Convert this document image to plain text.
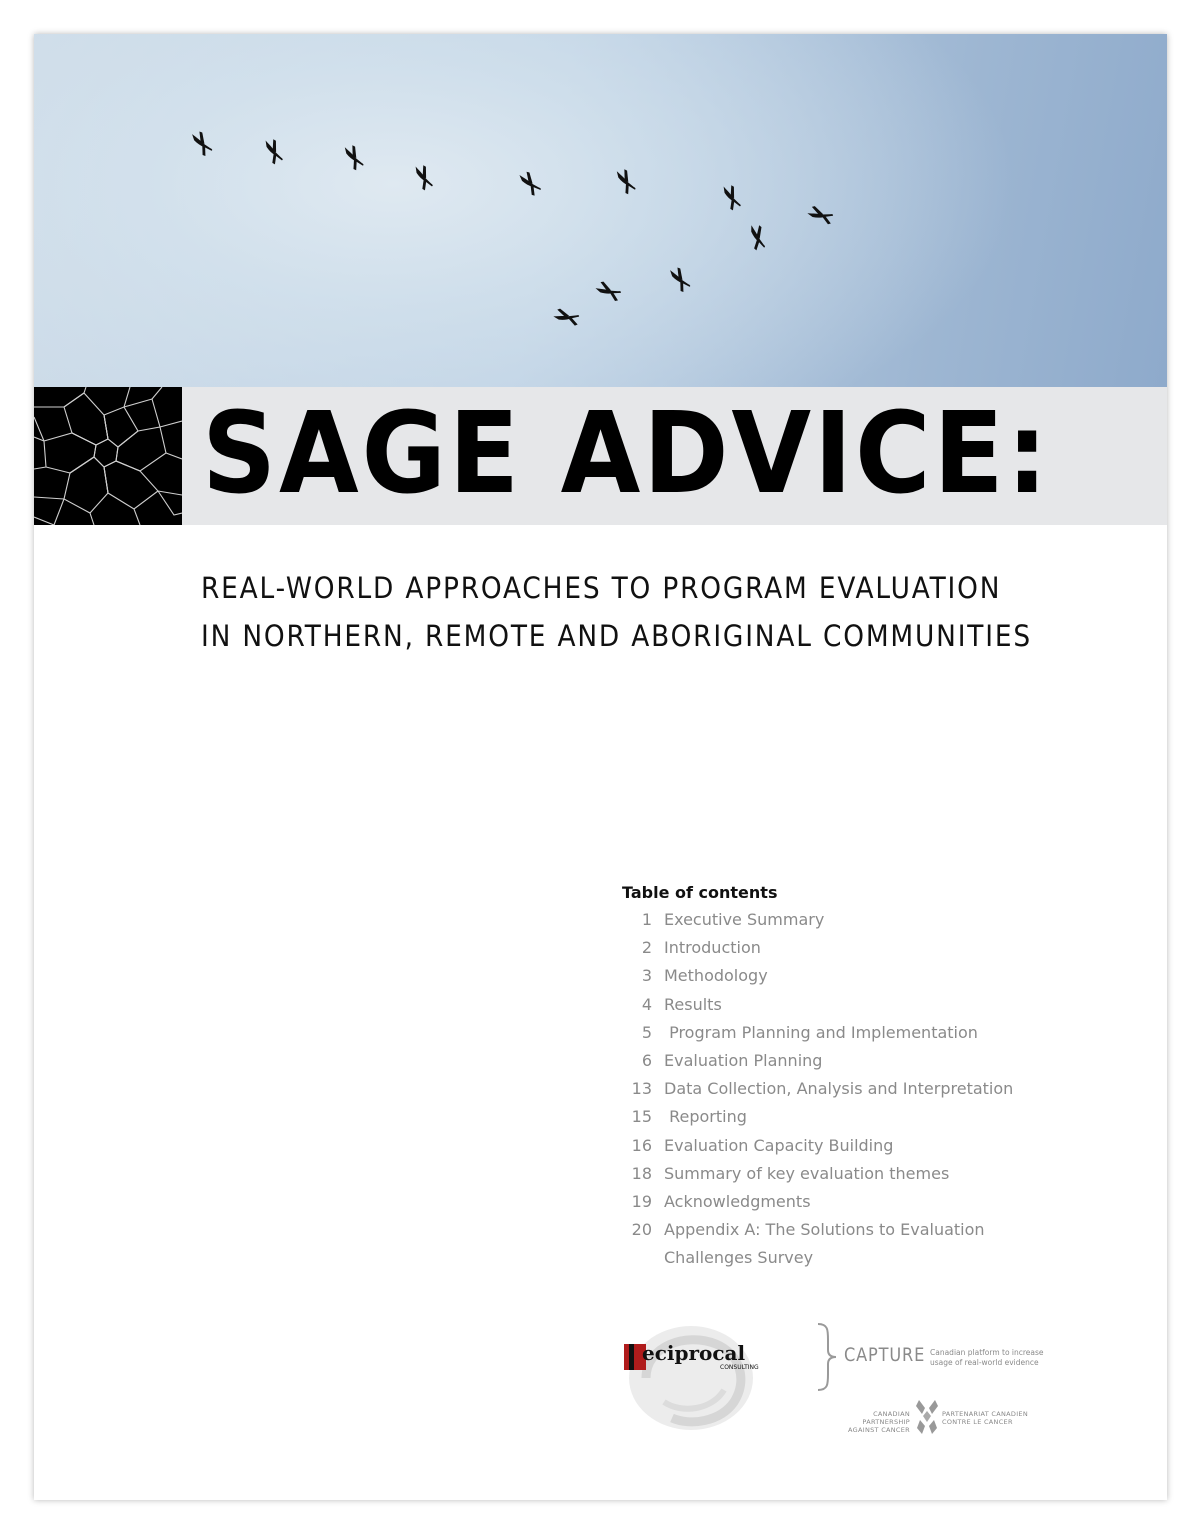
SAGE ADVICE:
REAL-WORLD APPROACHES TO PROGRAM EVALUATION
IN NORTHERN, REMOTE AND ABORIGINAL COMMUNITIES
Table of contents
1 Executive Summary
2 Introduction
3 Methodology
4 Results
5 Program Planning and Implementation
6 Evaluation Planning
13 Data Collection, Analysis and Interpretation
15 Reporting
16 Evaluation Capacity Building
18 Summary of key evaluation themes
19 Acknowledgments
20 Appendix A: The Solutions to Evaluation Challenges Survey
eciprocal
CONSULTING
CAPTURE Canadian platform to increase usage of real-world evidence
CANADIAN PARTNERSHIP
AGAINST CANCER
PARTENARIAT CANADIEN
CONTRE LE CANCER
